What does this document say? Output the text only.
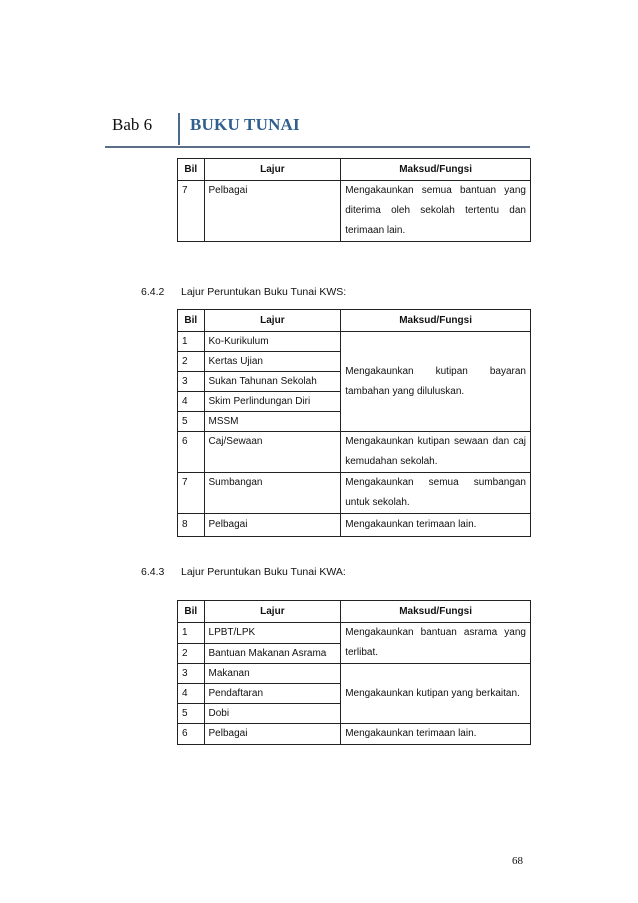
Bab 6 BUKU TUNAI
Bil	Lajur	Maksud/Fungsi
7	Pelbagai	Mengakaunkan semua bantuan yang diterima oleh sekolah tertentu dan terimaan lain.
6.4.2 Lajur Peruntukan Buku Tunai KWS:
Bil	Lajur	Maksud/Fungsi
1	Ko-Kurikulum	Mengakaunkan kutipan bayaran tambahan yang diluluskan.

2	Kertas Ujian	
3	Sukan Tahunan Sekolah	
4	Skim Perlindungan Diri	
5	MSSM	
6	Caj/Sewaan	Mengakaunkan kutipan sewaan dan caj kemudahan sekolah.
7	Sumbangan	Mengakaunkan semua sumbangan untuk sekolah.
8	Pelbagai	Mengakaunkan terimaan lain.
6.4.3 Lajur Peruntukan Buku Tunai KWA:
Bil	Lajur	Maksud/Fungsi
1	LPBT/LPK	Mengakaunkan bantuan asrama yang terlibat.
2	Bantuan Makanan Asrama	
3	Makanan	Mengakaunkan kutipan yang berkaitan.
4	Pendaftaran	
5	Dobi	
6	Pelbagai	Mengakaunkan terimaan lain.
68
